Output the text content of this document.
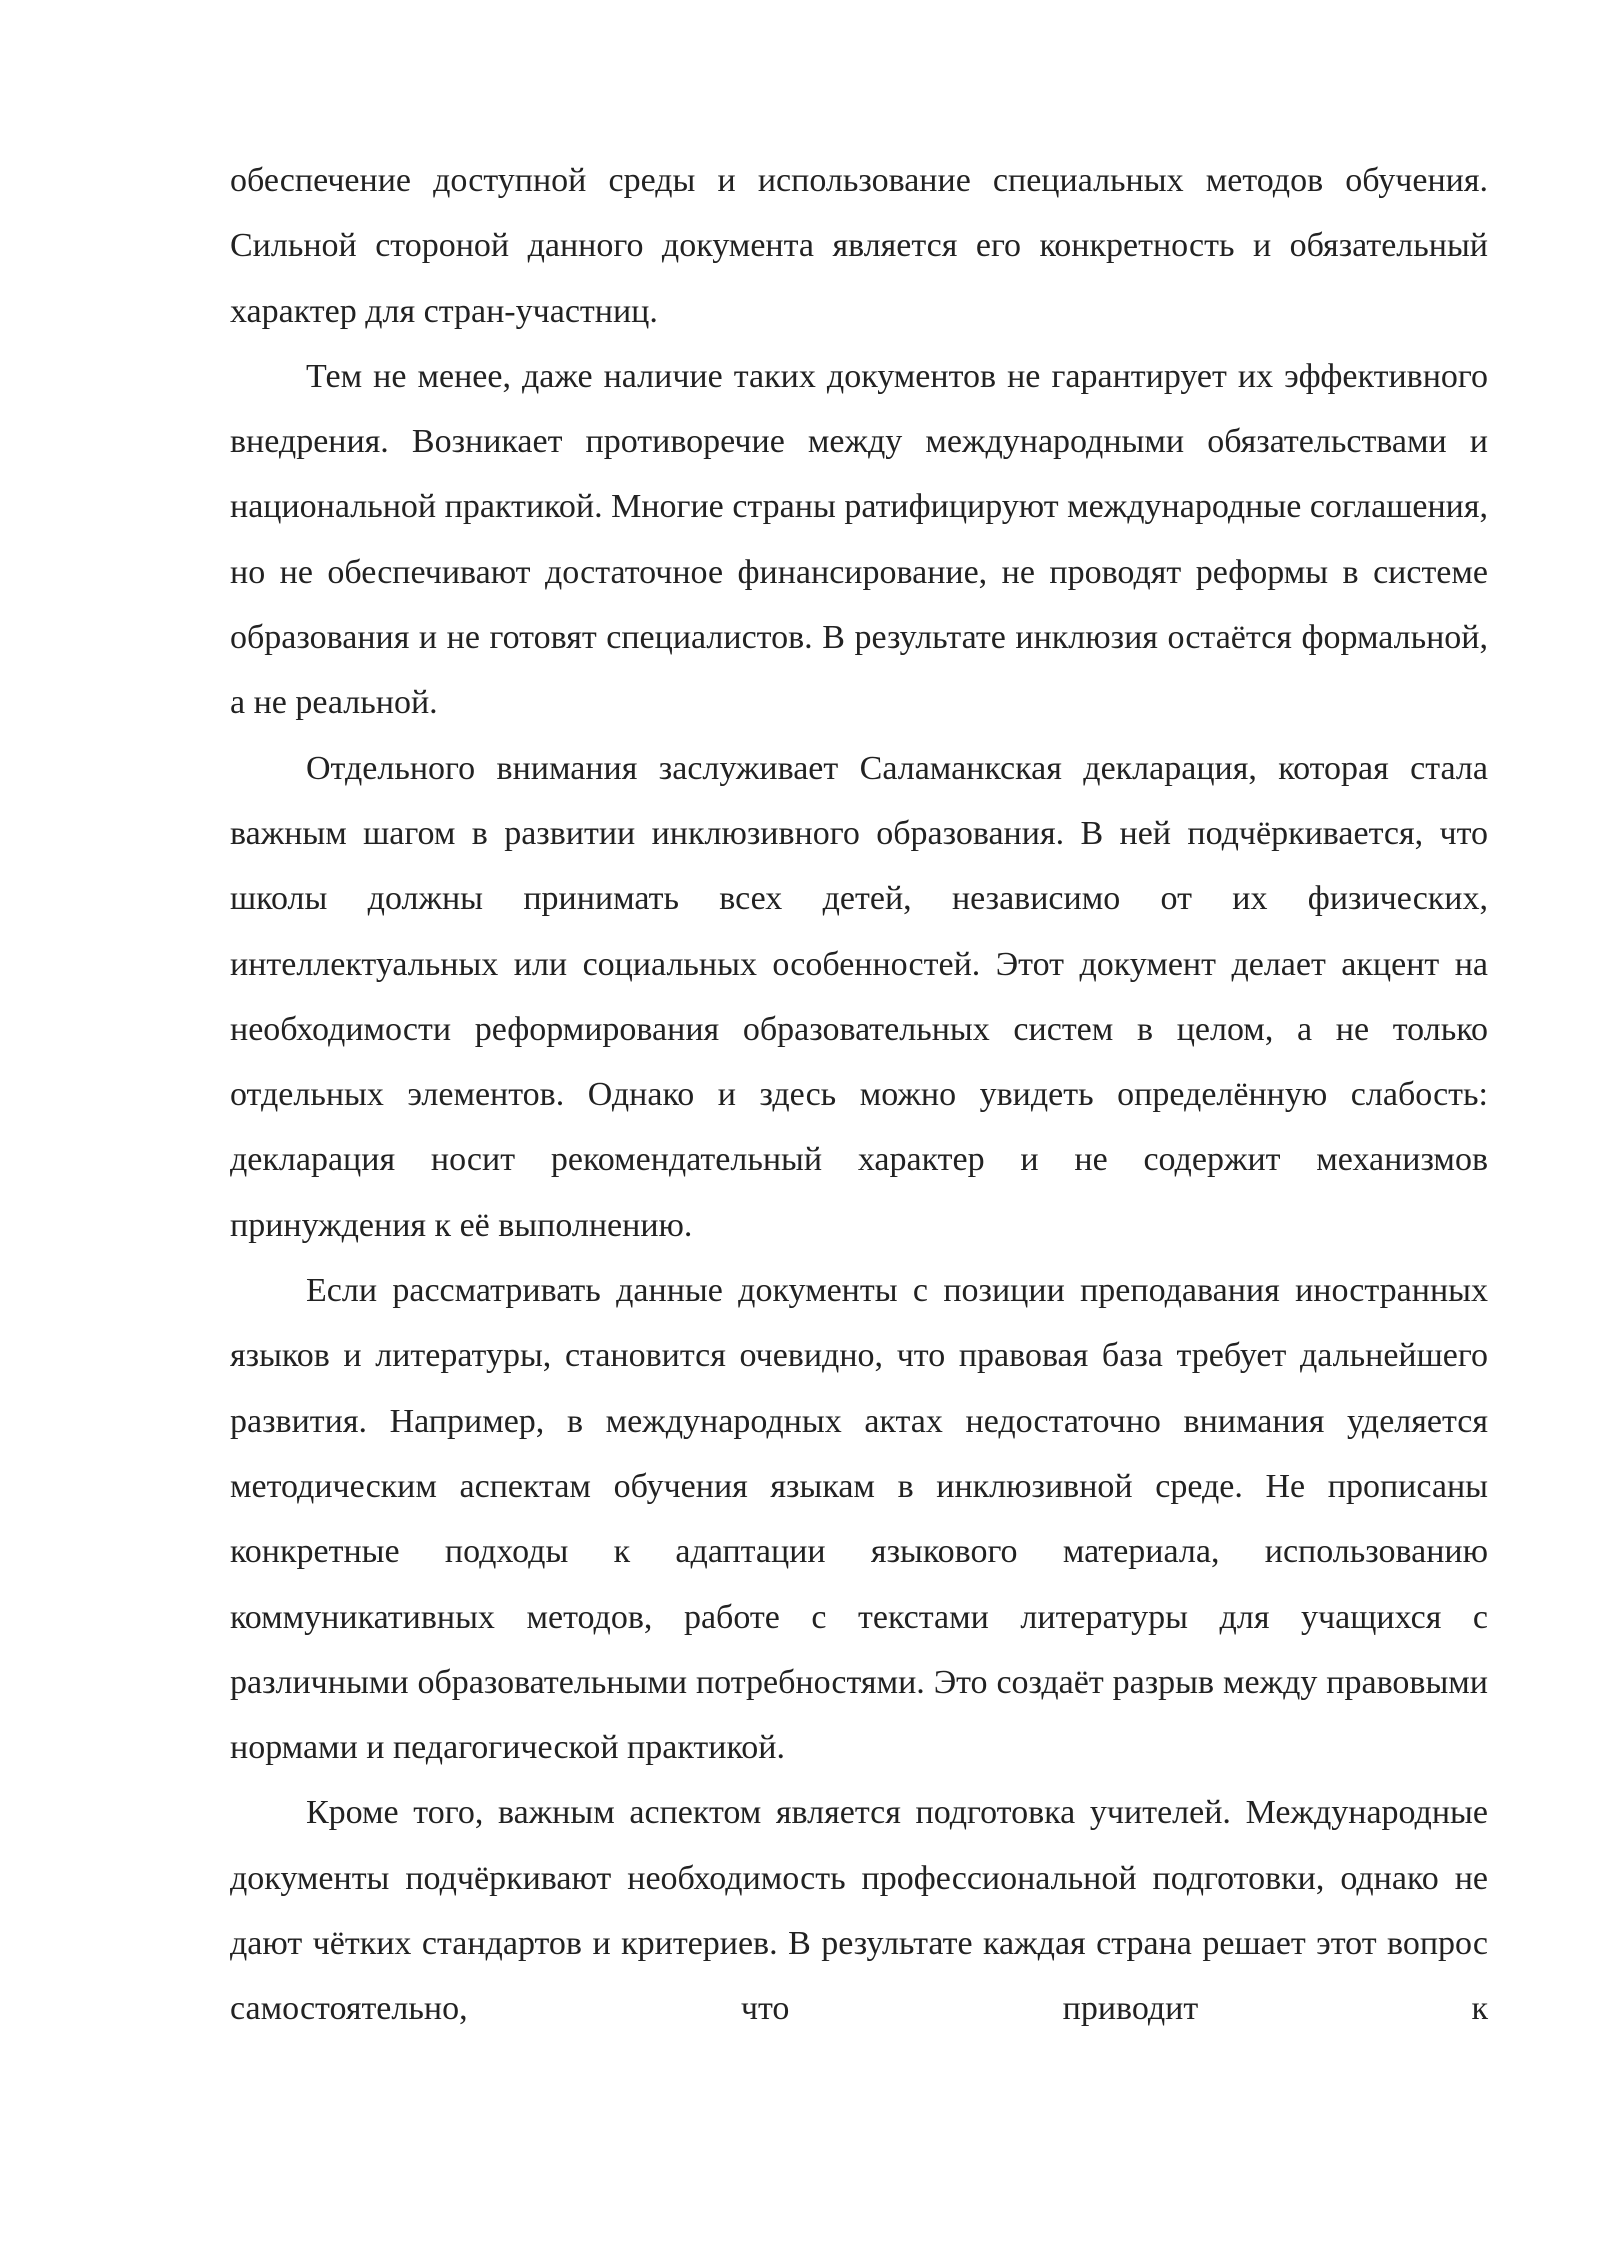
обеспечение доступной среды и использование специальных методов обучения. Сильной стороной данного документа является его конкретность и обязательный характер для стран-участниц.

Тем не менее, даже наличие таких документов не гарантирует их эффективного внедрения. Возникает противоречие между международными обязательствами и национальной практикой. Многие страны ратифицируют международные соглашения, но не обеспечивают достаточное финансирование, не проводят реформы в системе образования и не готовят специалистов. В результате инклюзия остаётся формальной, а не реальной.

Отдельного внимания заслуживает Саламанкская декларация, которая стала важным шагом в развитии инклюзивного образования. В ней подчёркивается, что школы должны принимать всех детей, независимо от их физических, интеллектуальных или социальных особенностей. Этот документ делает акцент на необходимости реформирования образовательных систем в целом, а не только отдельных элементов. Однако и здесь можно увидеть определённую слабость: декларация носит рекомендательный характер и не содержит механизмов принуждения к её выполнению.

Если рассматривать данные документы с позиции преподавания иностранных языков и литературы, становится очевидно, что правовая база требует дальнейшего развития. Например, в международных актах недостаточно внимания уделяется методическим аспектам обучения языкам в инклюзивной среде. Не прописаны конкретные подходы к адаптации языкового материала, использованию коммуникативных методов, работе с текстами литературы для учащихся с различными образовательными потребностями. Это создаёт разрыв между правовыми нормами и педагогической практикой.

Кроме того, важным аспектом является подготовка учителей. Международные документы подчёркивают необходимость профессиональной подготовки, однако не дают чётких стандартов и критериев. В результате каждая страна решает этот вопрос самостоятельно, что приводит к
